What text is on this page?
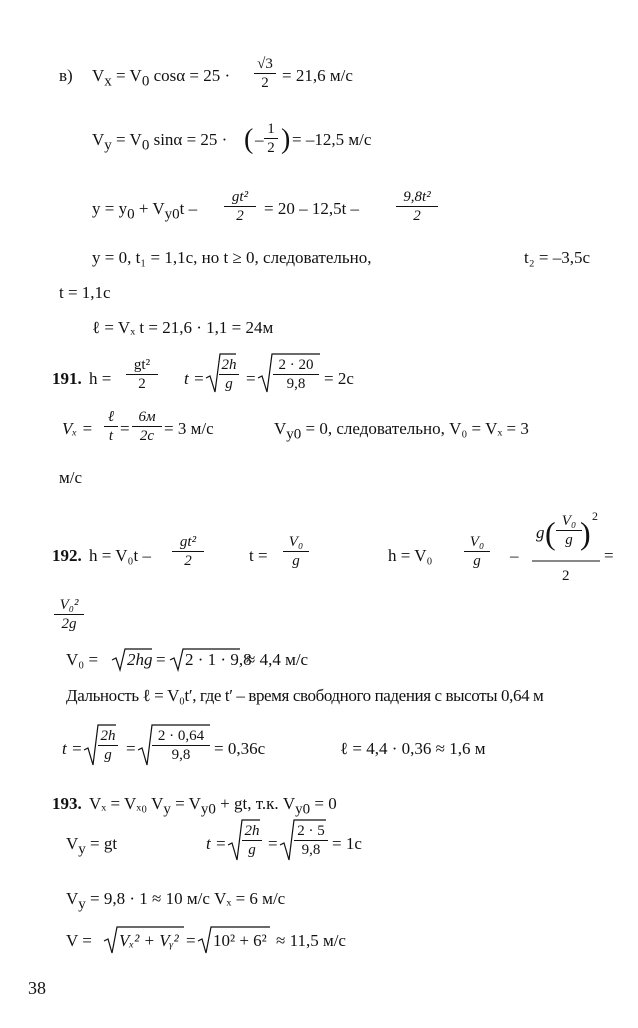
в) $V_x = V_0$ $\cos\alpha = 25 \cdot \frac{√3}{2} = 21,6$ м/с
$V_y = V_0$ sinα = 25 · ( – $\frac{1}{2}$ ) = –12,5 м/с
$y = y_0 + V_{y0}t - \frac{\text{gt²}}{2} = 20 - 12,5t - \frac{\text{9,8t²}}{2}$
y = 0, t₁ = 1,1с, но t ≥ 0, следовательно,	t₂ = –3,5с
t = 1,1с
ℓ = Vₓ t = 21,6 · 1,1 = 24м
191. $h = \frac{\text{gt²}}{2}$ $t = \frac{2h}{g} = \frac{2 \cdot 20}{9,8} = 2с$
Vₓ =
ℓ
t =
6м
2с = 3 м/с	$V_{y0} = 0$, следовательно, V₀ = Vₓ = 3
м/с
192. $h = V_0t - \frac{\text{gt²}}{2}$	$t = \frac{\text{V₀}}{g}$	$h = V_0 \frac{\text{V₀}}{g}$ –
g ( $\frac{\text{V₀}}{g}$
) 2
2
=
$\frac{\text{V₀²}}{2g}$
V₀ = 2hg = 2 · 1 · 9,8
≈ 4,4 м/с
Дальность ℓ = V₀t′, где t′ – время свободного падения с высоты 0,64 м
$t = \frac{2h}{g} = \frac{2 \cdot 0,64}{9,8} = 0,36с$	ℓ = 4,4 · 0,36 ≈ 1,6 м
193. Vₓ = Vₓ₀ $V_y = V_{y0}$ + gt, т.к. $V_{y0} = 0$
$V_y$ = gt	$t = \frac{2h}{g} = \frac{2 \cdot 5}{9,8} = 1с$
$V_y = 9,8 \cdot 1 \approx 10$ м/с Vₓ = 6 м/с
V = Vₓ² + Vᵧ² = 10² + 6² ≈ 11,5 м/с
38
